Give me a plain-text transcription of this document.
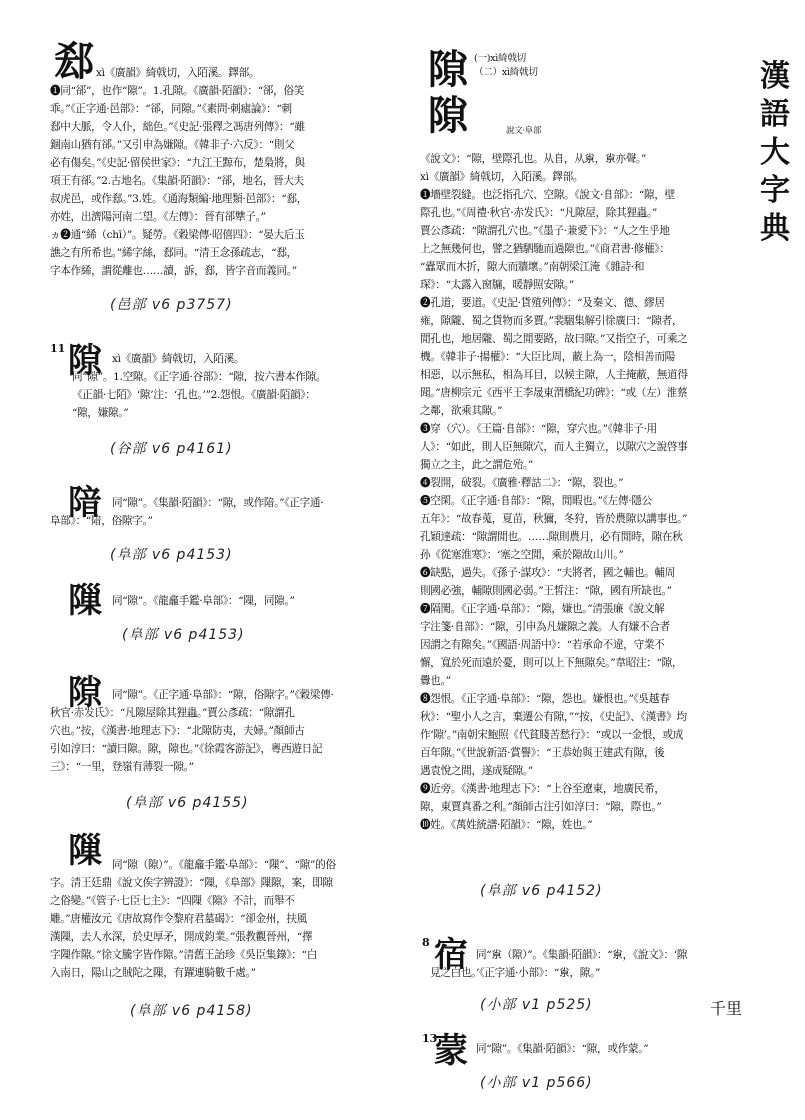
漢
語
大
字
典
郄 xì《廣韻》綺戟切，入陌溪。鐸部。
❶同“郤”，也作“隙”。1.孔隙。《廣韻·陌韻》：“郤，俗笑
乖。”《正字通·邑部》：“郤，同隙。”《素問·刺瘧論》：“刺
郄中大脈，令人仆，絀色。”《史記·張釋之馮唐列傳》：“雖
錮南山猶有郤。”又引申為嫌隙。《韓非子·六反》：“則父
必有傷矣。”《史記·留侯世家》：“九江王黥布，楚梟將，與
項王有郤。”2.古地名。《集韻·陌韻》：“郤，地名，晉大夫
叔虎邑，或作郄。”3.姓。《通海類編·地理類·邑部》：“郄，
亦姓，出濟陽河南二望。《左傳》：晉有郤犨子。”
ヵ❷通“絺（chī）”。疑勞。《穀梁傳·昭僖四》：“晏大后玉
譙之有所希也。”絺字絲，郄同。“清王念孫疏志，“郄，
字本作絺，謂從離也……讀，訴，郄，皆字音而義同。”
(邑部 v6 p3757)
11 隙 xì《廣韻》綺戟切，入陌溪。
同“隙”。1.空隙。《正字通·谷部》：“隙，按六書本作隙。
《正韻·七陌》‘隙’注：‘孔也。’”2.怨恨。《廣韻·陌韻》：
“隙，嫌隙。”
(谷部 v6 p4161)
隌 同“隙”。《集韻·陌韻》：“隙，或作隌。”《正字通·
阜部》：“隌，俗隙字。”
(阜部 v6 p4153)
隟 同“隙”。《龍龕手鑑·阜部》：“隟，同隙。”
(阜部 v6 p4153)
隙 同“隙”。《正字通·阜部》：“隙，俗隙字。”《穀梁傳·
秋官·赤发氏》：“凡隙屋除其狸蟲。”賈公彥疏：“隙謂孔
穴也。”按，《漢書·地理志下》：“北隙防夷，夫婦。”顏師古
引如淳曰：“讀曰隙。隙，隙也。”《徐霞客游記》，粵西遊日記
三》：“一里，登嶺有薄裂一隙。”
(阜部 v6 p4155)
隟 同“隙（隙）”。《龍龕手鑑·阜部》：“隟”、“隙”的俗
字。清王廷鼎《說文俟字辨證》：“隟，《阜部》隟隙，案，即隙
之俗變。”《管子·七臣七主》：“四隟《隙》不計，而舉不
雕。”唐權汝元《唐故寫作令黎府君墓碣》：“卻金州，扶風
漢隟，去人水深，於史厚矛，開成鈞業。”張教觀晉州，“擇
字隟作隙。”徐文騰字皆作隙。”清舊王詒珍《吳臣集錄》：“白
入南日，陽山之賊陀之隟，有躍連騎數千處。”
(阜部 v6 p4158)
隙 (一)xì綺戟切
（二）xì綺戟切
隙	說文·阜部
《說文》：“隙，壁際孔也。从𨸏，从𡭴，𡭴亦聲。”
xì《廣韻》綺戟切，入陌溪。鐸部。
❶墻壁裂縫。也泛指孔穴、空隙。《說文·𨸏部》：“隙，壁
際孔也。”《周禮·秋官·赤发氏》：“凡隙屋，除其狸蟲。”
賈公彥疏：“隙謂孔穴也。”《墨子·兼愛下》：“人之生乎地
上之無幾何也，譬之猶駟馳而過隙也。”《商君書·修權》：
“蠹眾而木折，隙大而牆壞。”南朝梁江淹《雜詩·和
琛》：“太露入窗牖，暖靜照安隙。”
❷孔道，要道。《史記·貨殖列傳》：“及秦文、德、繆居
雍，隙隴、蜀之貨物而多賈。”裴駰集解引徐廣曰：“隙者，
閒孔也，地居隴、蜀之閒要路，故曰隙。”又指空子，可乘之
機。《韓非子·揚權》：“大臣比周，蔽上為一，陰相善而陽
相惡，以示無私，相為耳目，以候主隙，人主掩蔽，無道得
聞。”唐柳宗元《西平王李晟東渭橋紀功碑》：“或（左）淮蔡
之鄰，欲乘其隙。”
❸穿（穴）。《王篇·𨸏部》：“隙，穿穴也。”《韓非子·用
人》：“如此，則人臣無隙穴，而人主獨立，以隙穴之說啓事
獨立之主，此之謂危殆。”
❹裂開，破裂。《廣雅·釋詁二》：“隙，裂也。”
❺空閑。《正字通·𨸏部》：“隙，閒暇也。”《左傳·隱公
五年》：“故春蒐，夏苗，秋獮，冬狩，皆於農隙以講事也。”
孔穎達疏：“隙謂閒也。……隙則農月，必有閒時，隙在秋
孙《從塞淮寒》：‘塞之空閒，乘於隙故山川。”
❻缺點，過失。《孫子·謀攻》：“夫將者，國之輔也。輔周
則國必強，輔隙則國必弱。”王皙注：“隙，國有所缺也。”
❼隔閡。《正字通·阜部》：“隙，嫌也。”清張廉《說文解
字注箋·𨸏部》：“隙，引申為凡嫌隙之義。人有嫌不合者
因謂之有隙矣。”《國語·周語中》：“若承命不違，守業不
懈，寬於死而遠於憂，則可以上下無隙矣。”韋昭注：“隙，
釁也。”
❽怨恨。《正字通·阜部》：“隙，怨也。嫌恨也。”《吳越春
秋》：“聖小人之言，棄遷公有隙，”“按，《史記》、《漢書》均
作‘隙’。”南朝宋鮑照《代貧賤苦愁行》：“或以一金恨，或成
百年隙。”《世說新語·賞譽》：“王恭始與王建武有隙，後
遇袁悅之間，遂成疑隙。”
❾近旁。《漢書·地理志下》：“上谷至遼東，地廣民希，
隙，東賈真番之利。”顏師古注引如淳曰：“隙，際也。”
❿姓。《萬姓統譜·陌韻》：“隙，姓也。”
(阜部 v6 p4152)
8 宿 同“𡭴（隙）”。《集韻·陌韻》：“𡭴，《說文》：‘隙
見之白也。’《正字通·小部》：“𡭴，隙。”
(小部 v1 p525)	千里
13
蒙 同“隙”。《集韻·陌韻》：“隙，或作蒙。”
(小部 v1 p566)
